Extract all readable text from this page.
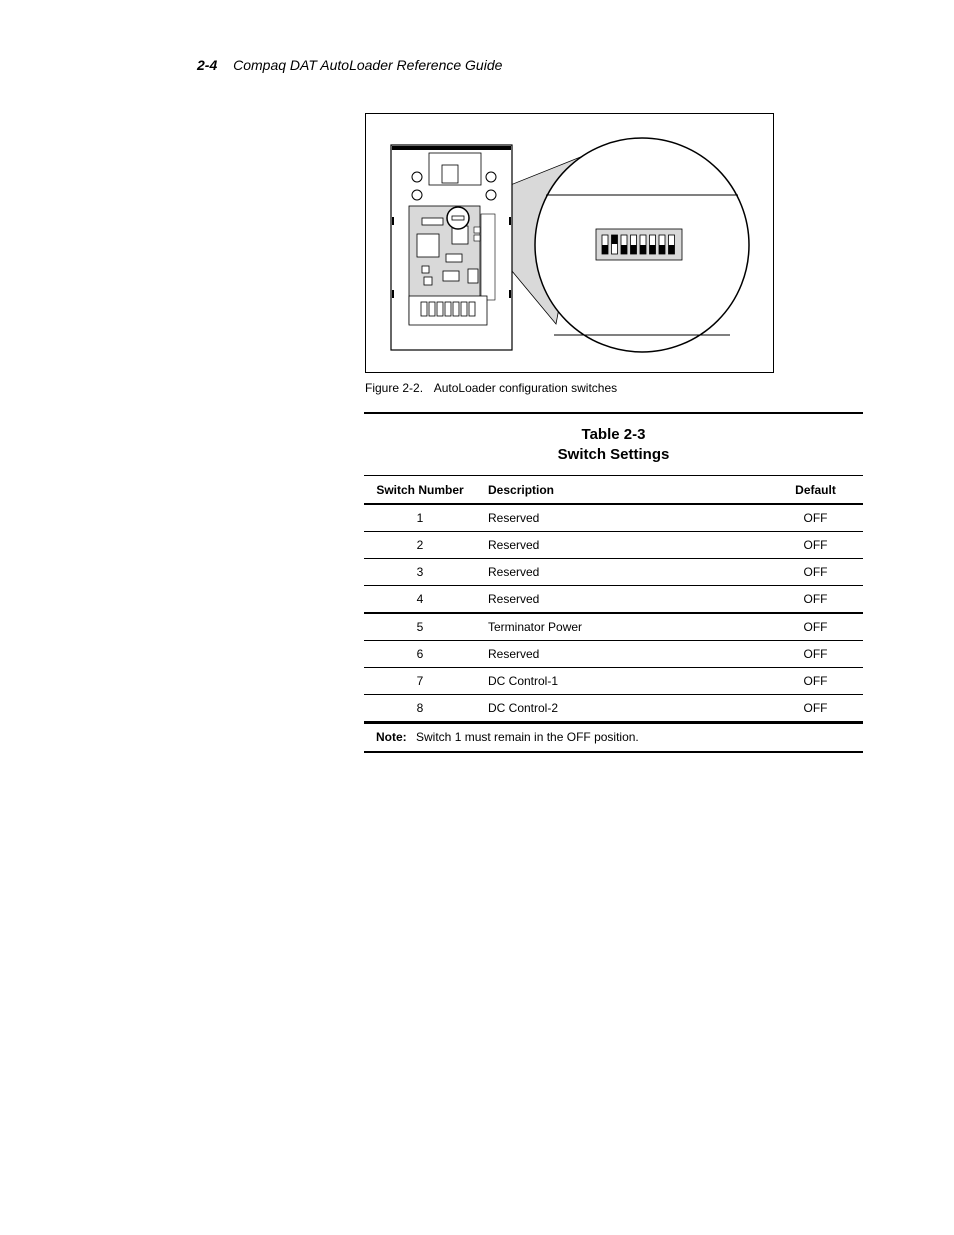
2-4 Compaq DAT AutoLoader Reference Guide
Figure 2-2. AutoLoader configuration switches
Table 2-3
Switch Settings
Switch Number	Description	Default
1	Reserved	OFF
2	Reserved	OFF
3	Reserved	OFF
4	Reserved	OFF
5	Terminator Power	OFF
6	Reserved	OFF
7	DC Control-1	OFF
8	DC Control-2	OFF
Note: Switch 1 must remain in the OFF position.
